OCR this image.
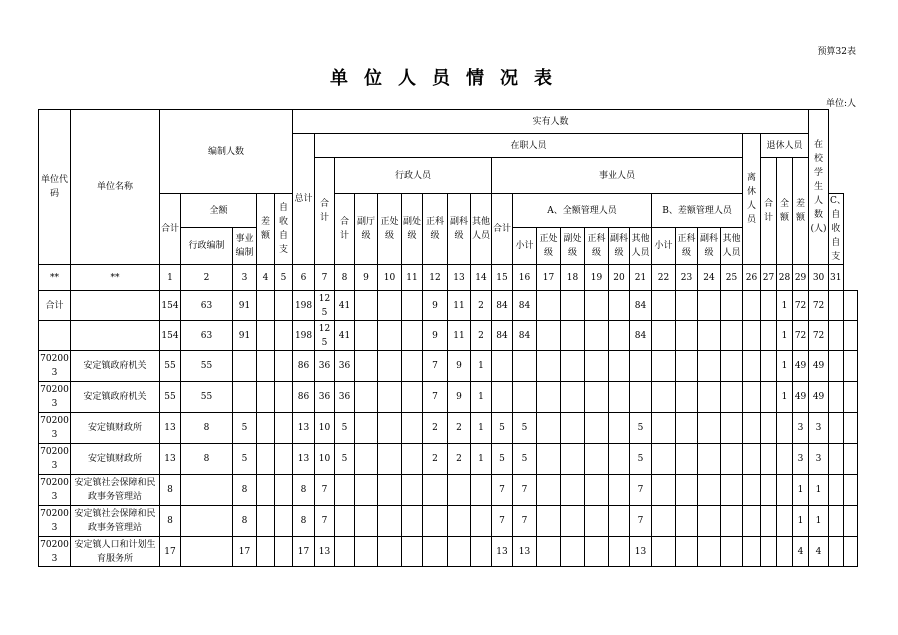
预算32表
单位人员情况表
单位:人
单位代码	单位名称	编制人数					实有人数																								在校学生人数(人)		
							总计	在职人员																			离休人员	退休人员					
								合计	行政人员							事业人员												合计	全额	差额			
		合计	全额		差额	自收自支			合计	副厅级	正处级	副处级	正科级	副科级	其他人员	合计	A、全额管理人员						B、差额管理人员									C、自收自支	
			行政编制	事业编制													小计	正处级	副处级	正科级	副科级	其他人员	小计	正科级	副科级	其他人员							
**	**	1	2	3	4	5	6	7	8	9	10	11	12	13	14	15	16	17	18	19	20	21	22	23	24	25	26	27	28	29	30	31	
合计		154	63	91			198	125	41				9	11	2	84	84					84							1	72	72		
		154	63	91			198	125	41				9	11	2	84	84					84							1	72	72		
702003	安定镇政府机关	55	55				86	36	36				7	9	1														1	49	49		
702003	安定镇政府机关	55	55				86	36	36				7	9	1														1	49	49		
702003	安定镇财政所	13	8	5			13	10	5				2	2	1	5	5					5								3	3		
702003	安定镇财政所	13	8	5			13	10	5				2	2	1	5	5					5								3	3		
702003	安定镇社会保障和民政事务管理站	8		8			8	7								7	7					7								1	1		
702003	安定镇社会保障和民政事务管理站	8		8			8	7								7	7					7								1	1		
702003	安定镇人口和计划生育服务所	17		17			17	13								13	13					13								4	4		
